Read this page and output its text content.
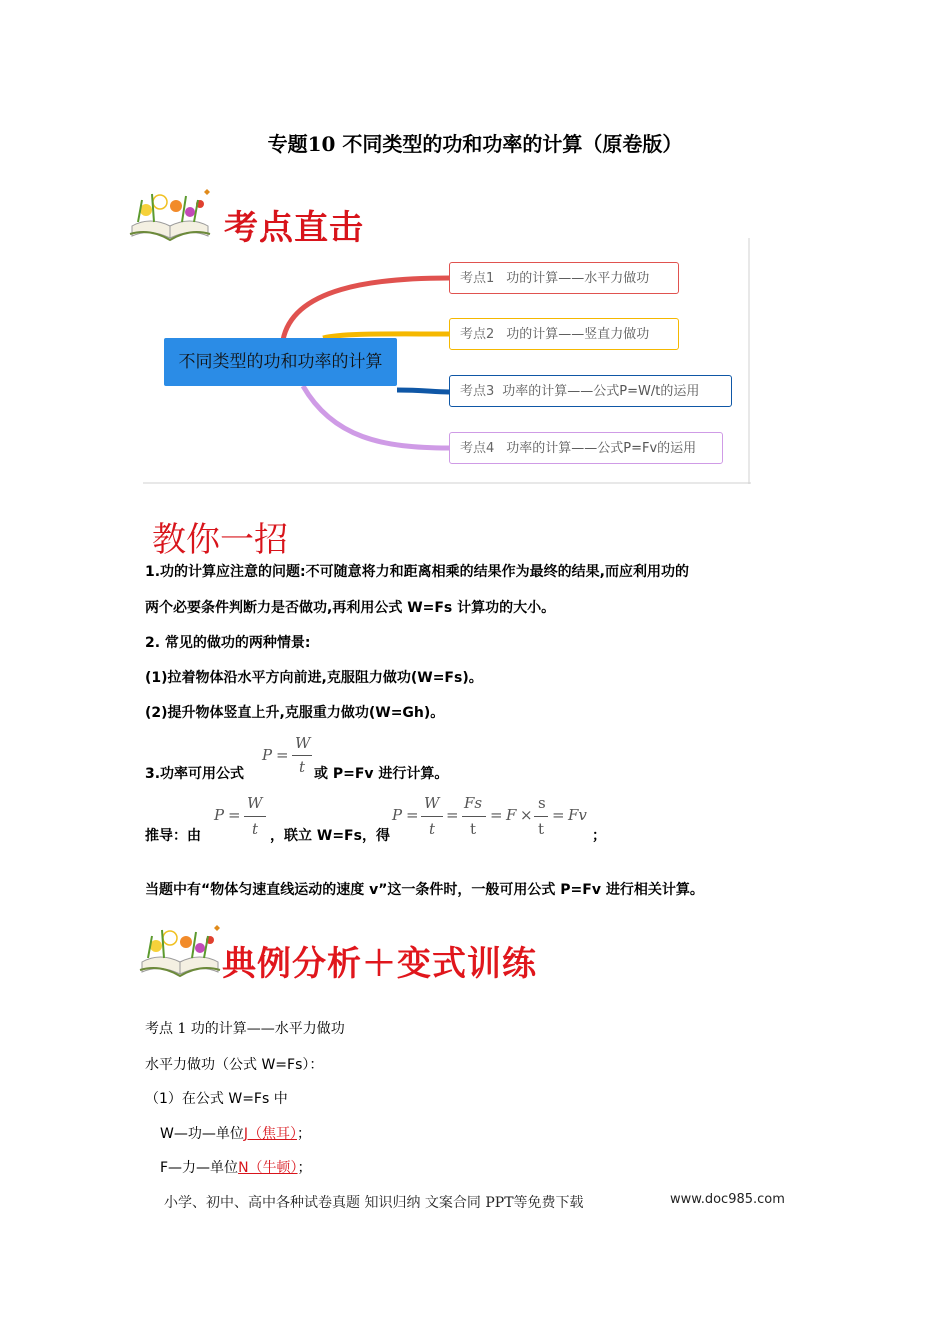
专题10 不同类型的功和功率的计算（原卷版）
考点直击
不同类型的功和功率的计算
考点1 功的计算——水平力做功
考点2 功的计算——竖直力做功
考点3 功率的计算——公式P=W/t的运用
考点4 功率的计算——公式P=Fv的运用
教你一招
1.功的计算应注意的问题:不可随意将力和距离相乘的结果作为最终的结果,而应利用功的
两个必要条件判断力是否做功,再利用公式 W=Fs 计算功的大小。
2. 常见的做功的两种情景:
(1)拉着物体沿水平方向前进,克服阻力做功(W=Fs)。
(2)提升物体竖直上升,克服重力做功(W=Gh)。
3.功率可用公式
P =
W
t 或 P=Fv 进行计算。
推导：由
P =
W
t ，联立 W=Fs，得
P =
W
t
=
Fs
t
= F ×
s
t
= Fv
；
当题中有“物体匀速直线运动的速度 v”这一条件时，一般可用公式 P=Fv 进行相关计算。
典例分析＋变式训练
考点 1 功的计算——水平力做功
水平力做功（公式 W=Fs）：
（1）在公式 W=Fs 中
W—功—单位J（焦耳）；
F—力—单位N（牛顿）；
小学、初中、高中各种试卷真题 知识归纳 文案合同 PPT等免费下载	www.doc985.com
